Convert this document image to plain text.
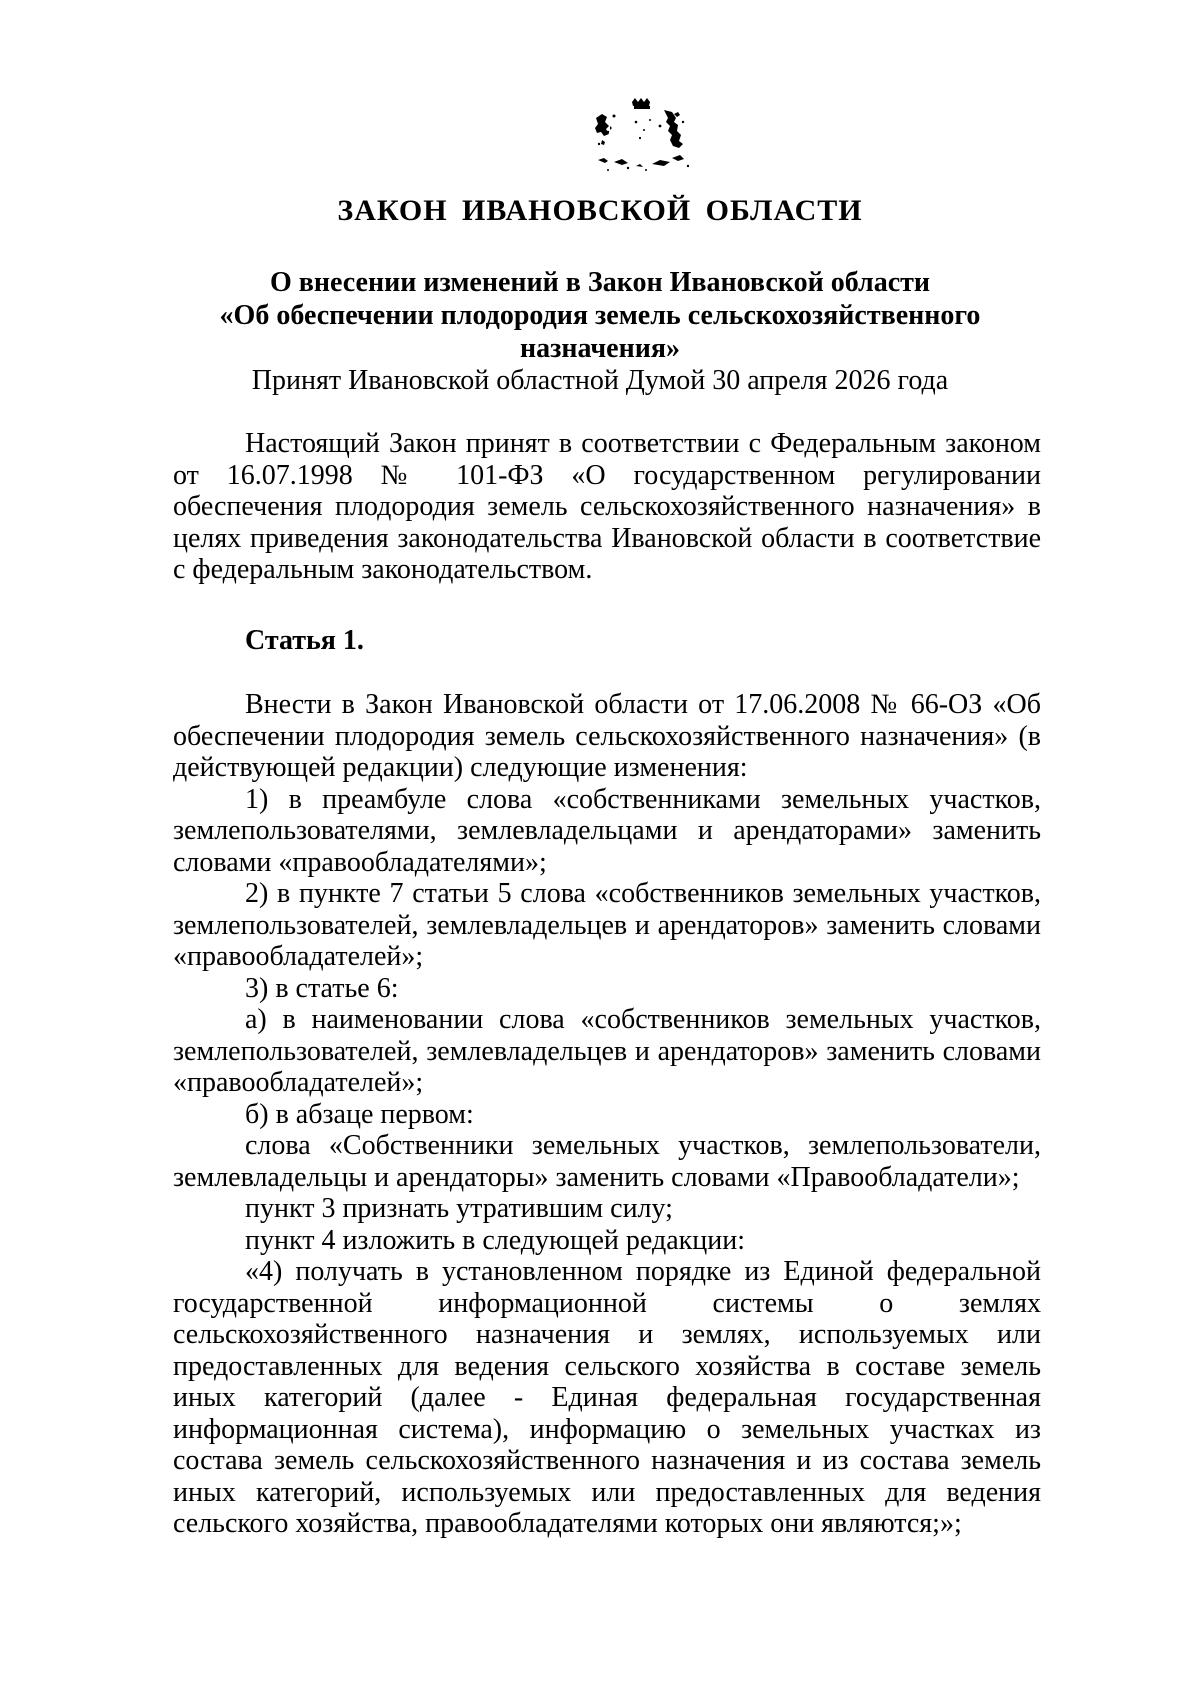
ЗАКОН ИВАНОВСКОЙ ОБЛАСТИ
О внесении изменений в Закон Ивановской области
«Об обеспечении плодородия земель сельскохозяйственного назначения»

Принят Ивановской областной Думой 30 апреля 2026 года

Настоящий Закон принят в соответствии с Федеральным законом от 16.07.1998 № 101-ФЗ «О государственном регулировании обеспечения плодородия земель сельскохозяйственного назначения» в целях приведения законодательства Ивановской области в соответствие с федеральным законодательством.

Статья 1.

Внести в Закон Ивановской области от 17.06.2008 № 66-ОЗ «Об обеспечении плодородия земель сельскохозяйственного назначения» (в действующей редакции) следующие изменения:

1) в преамбуле слова «собственниками земельных участков, землепользователями, землевладельцами и арендаторами» заменить словами «правообладателями»;

2) в пункте 7 статьи 5 слова «собственников земельных участков, землепользователей, землевладельцев и арендаторов» заменить словами «правообладателей»;

3) в статье 6:

а) в наименовании слова «собственников земельных участков, землепользователей, землевладельцев и арендаторов» заменить словами «правообладателей»;

б) в абзаце первом:

слова «Собственники земельных участков, землепользователи, землевладельцы и арендаторы» заменить словами «Правообладатели»;

пункт 3 признать утратившим силу;

пункт 4 изложить в следующей редакции:

«4) получать в установленном порядке из Единой федеральной государственной информационной системы о землях сельскохозяйственного назначения и землях, используемых или предоставленных для ведения сельского хозяйства в составе земель иных категорий (далее - Единая федеральная государственная информационная система), информацию о земельных участках из состава земель сельскохозяйственного назначения и из состава земель иных категорий, используемых или предоставленных для ведения сельского хозяйства, правообладателями которых они являются;»;
